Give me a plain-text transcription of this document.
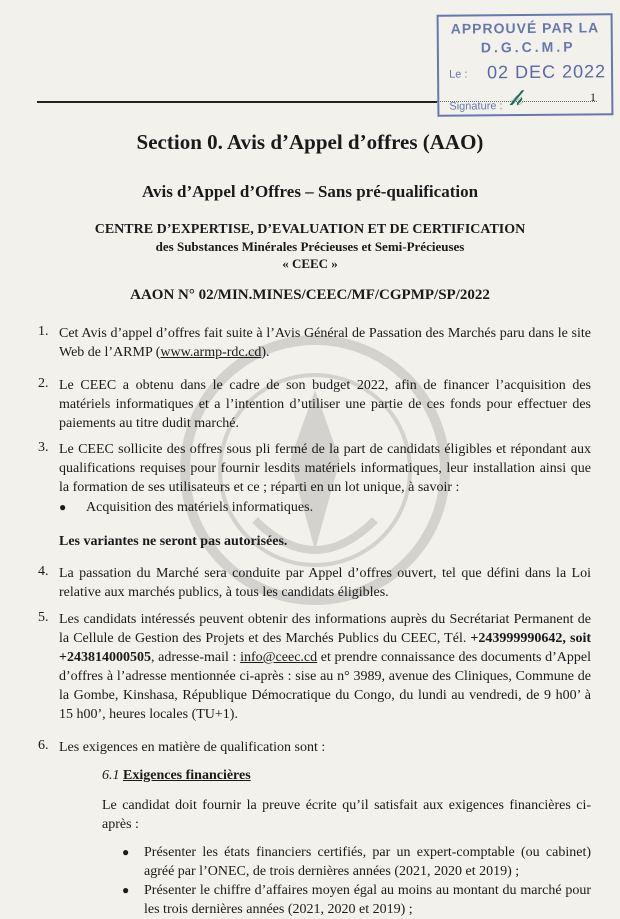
APPROUVÉ PAR LA
D.G.C.M.P
Le : 02 DEC 2022
Signature : 𝒽	1
Section 0. Avis d’Appel d’offres (AAO)
Avis d’Appel d’Offres – Sans pré-qualification
CENTRE D’EXPERTISE, D’EVALUATION ET DE CERTIFICATION
des Substances Minérales Précieuses et Semi-Précieuses
« CEEC »
AAON N° 02/MIN.MINES/CEEC/MF/CGPMP/SP/2022
1. Cet Avis d’appel d’offres fait suite à l’Avis Général de Passation des Marchés paru dans le site Web de l’ARMP (www.armp-rdc.cd).
2. Le CEEC a obtenu dans le cadre de son budget 2022, afin de financer l’acquisition des matériels informatiques et a l’intention d’utiliser une partie de ces fonds pour effectuer des paiements au titre dudit marché.
3. Le CEEC sollicite des offres sous pli fermé de la part de candidats éligibles et répondant aux qualifications requises pour fournir lesdits matériels informatiques, leur installation ainsi que la formation de ses utilisateurs et ce ; réparti en un lot unique, à savoir :
● Acquisition des matériels informatiques.
Les variantes ne seront pas autorisées.
4. La passation du Marché sera conduite par Appel d’offres ouvert, tel que défini dans la Loi relative aux marchés publics, à tous les candidats éligibles.
5. Les candidats intéressés peuvent obtenir des informations auprès du Secrétariat Permanent de la Cellule de Gestion des Projets et des Marchés Publics du CEEC, Tél. +243999990642, soit +243814000505, adresse-mail : info@ceec.cd et prendre connaissance des documents d’Appel d’offres à l’adresse mentionnée ci-après : sise au n° 3989, avenue des Cliniques, Commune de la Gombe, Kinshasa, République Démocratique du Congo, du lundi au vendredi, de 9 h00’ à 15 h00’, heures locales (TU+1).
6. Les exigences en matière de qualification sont :
6.1 Exigences financières
Le candidat doit fournir la preuve écrite qu’il satisfait aux exigences financières ci-après :
● Présenter les états financiers certifiés, par un expert-comptable (ou cabinet) agréé par l’ONEC, de trois dernières années (2021, 2020 et 2019) ;
● Présenter le chiffre d’affaires moyen égal au moins au montant du marché pour les trois dernières années (2021, 2020 et 2019) ;
